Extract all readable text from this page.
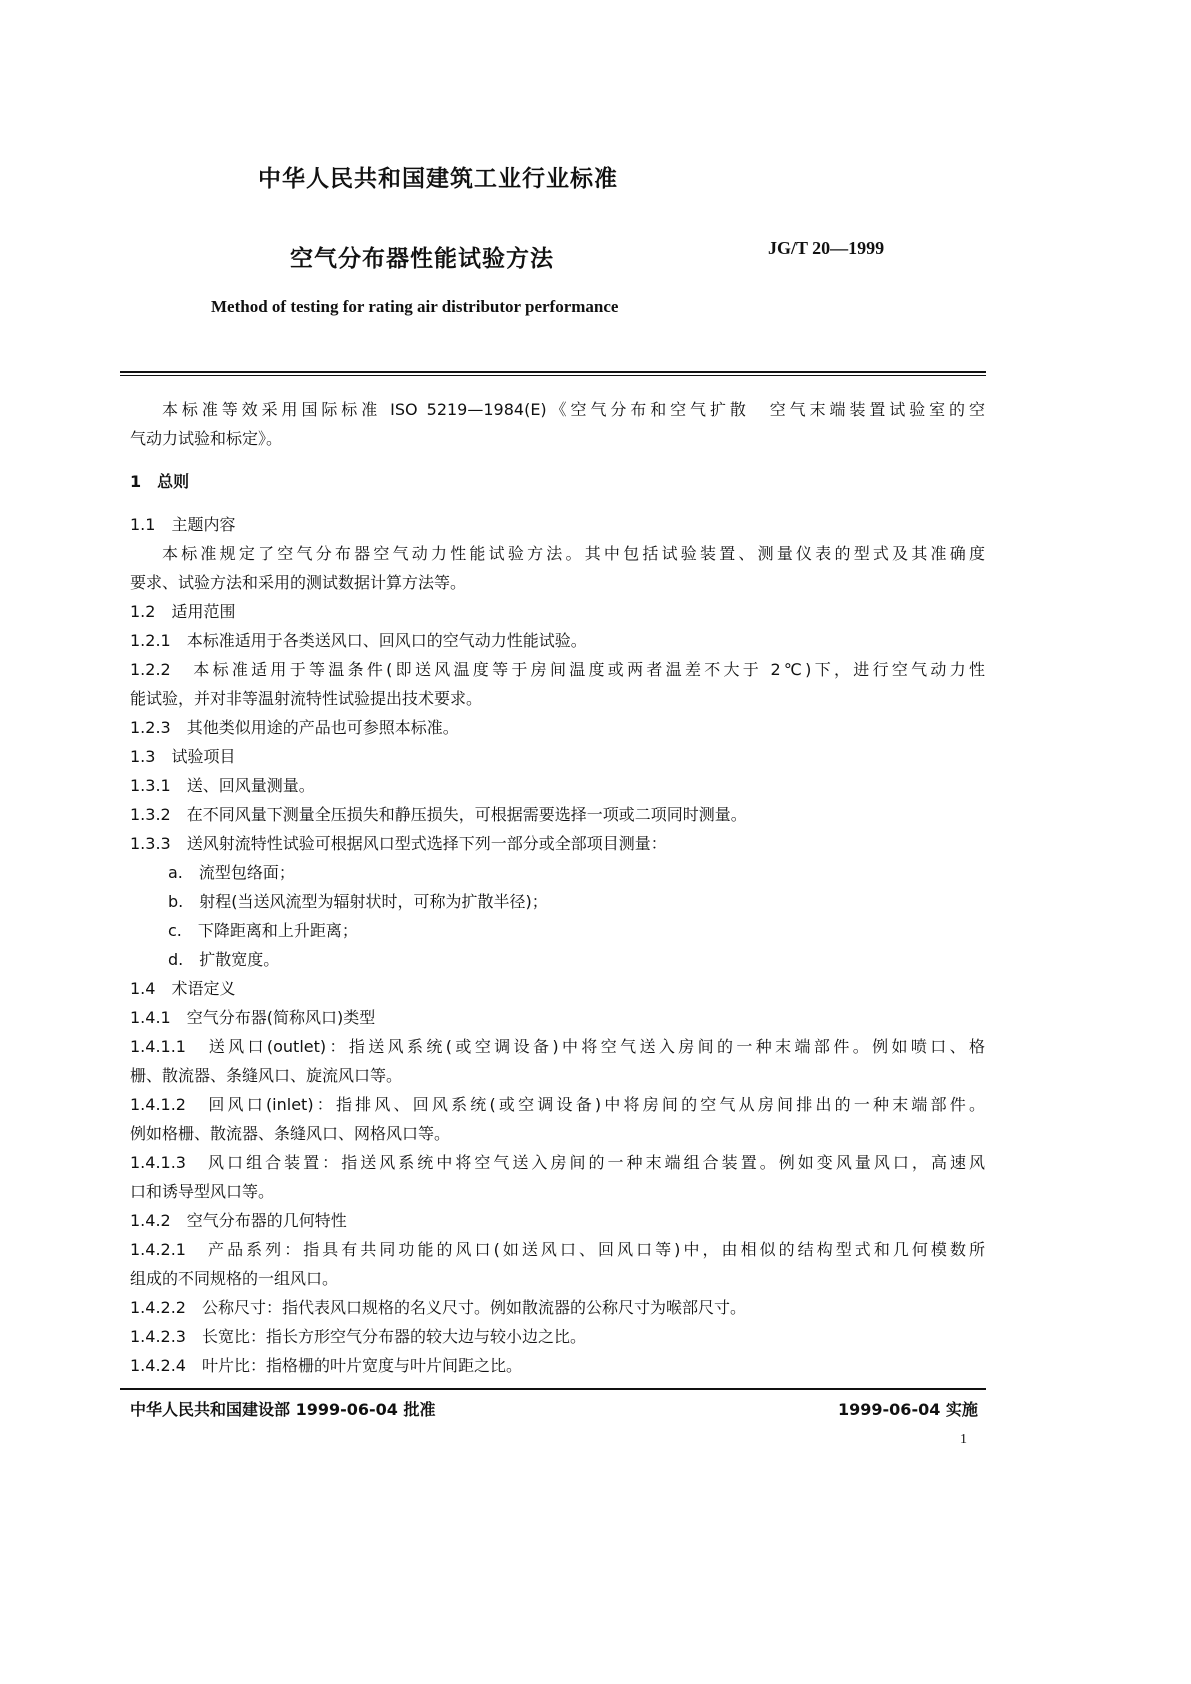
中华人民共和国建筑工业行业标准
空气分布器性能试验方法	JG/T 20—1999
Method of testing for rating air distributor performance
本标准等效采用国际标准 ISO 5219—1984(E)《空气分布和空气扩散　空气末端装置试验室的空
气动力试验和标定》。
1　总则
1.1　主题内容
本标准规定了空气分布器空气动力性能试验方法。其中包括试验装置、测量仪表的型式及其准确度
要求、试验方法和采用的测试数据计算方法等。
1.2　适用范围
1.2.1　本标准适用于各类送风口、回风口的空气动力性能试验。
1.2.2　本标准适用于等温条件(即送风温度等于房间温度或两者温差不大于 2℃)下，进行空气动力性
能试验，并对非等温射流特性试验提出技术要求。
1.2.3　其他类似用途的产品也可参照本标准。
1.3　试验项目
1.3.1　送、回风量测量。
1.3.2　在不同风量下测量全压损失和静压损失，可根据需要选择一项或二项同时测量。
1.3.3　送风射流特性试验可根据风口型式选择下列一部分或全部项目测量：
a.　流型包络面；
b.　射程(当送风流型为辐射状时，可称为扩散半径)；
c.　下降距离和上升距离；
d.　扩散宽度。
1.4　术语定义
1.4.1　空气分布器(简称风口)类型
1.4.1.1　送风口(outlet)：指送风系统(或空调设备)中将空气送入房间的一种末端部件。例如喷口、格
栅、散流器、条缝风口、旋流风口等。
1.4.1.2　回风口(inlet)：指排风、回风系统(或空调设备)中将房间的空气从房间排出的一种末端部件。
例如格栅、散流器、条缝风口、网格风口等。
1.4.1.3　风口组合装置：指送风系统中将空气送入房间的一种末端组合装置。例如变风量风口，高速风
口和诱导型风口等。
1.4.2　空气分布器的几何特性
1.4.2.1　产品系列：指具有共同功能的风口(如送风口、回风口等)中，由相似的结构型式和几何模数所
组成的不同规格的一组风口。
1.4.2.2　公称尺寸：指代表风口规格的名义尺寸。例如散流器的公称尺寸为喉部尺寸。
1.4.2.3　长宽比：指长方形空气分布器的较大边与较小边之比。
1.4.2.4　叶片比：指格栅的叶片宽度与叶片间距之比。
中华人民共和国建设部 1999-06-04 批准	1999-06-04 实施
1
